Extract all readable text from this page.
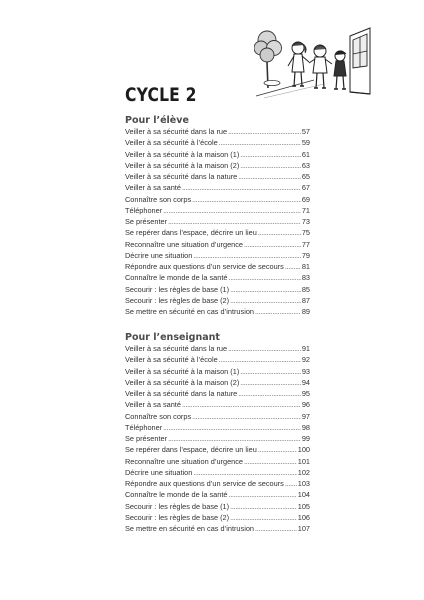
CYCLE 2
Pour l’élève
Veiller à sa sécurité dans la rue .....	57
Veiller à sa sécurité à l’école .....	59
Veiller à sa sécurité à la maison (1) .....	61
Veiller à sa sécurité à la maison (2) .....	63
Veiller à sa sécurité dans la nature .....	65
Veiller à sa santé .....	67
Connaître son corps .....	69
Téléphoner .....	71
Se présenter .....	73
Se repérer dans l’espace, décrire un lieu .....	75
Reconnaître une situation d’urgence .....	77
Décrire une situation .....	79
Répondre aux questions d’un service de secours ..... 81
Connaître le monde de la santé .....	83
Secourir : les règles de base (1) .....	85
Secourir : les règles de base (2) .....	87
Se mettre en sécurité en cas d’intrusion .....	89
Pour l’enseignant
Veiller à sa sécurité dans la rue .....	91
Veiller à sa sécurité à l’école .....	92
Veiller à sa sécurité à la maison (1) .....	93
Veiller à sa sécurité à la maison (2) .....	94
Veiller à sa sécurité dans la nature .....	95
Veiller à sa santé .....	96
Connaître son corps .....	97
Téléphoner .....	98
Se présenter .....	99
Se repérer dans l’espace, décrire un lieu .....	100
Reconnaître une situation d’urgence .....	101
Décrire une situation .....	102
Répondre aux questions d’un service de secours ..... 103
Connaître le monde de la santé .....	104
Secourir : les règles de base (1) .....	105
Secourir : les règles de base (2) .....	106
Se mettre en sécurité en cas d’intrusion .....	107
